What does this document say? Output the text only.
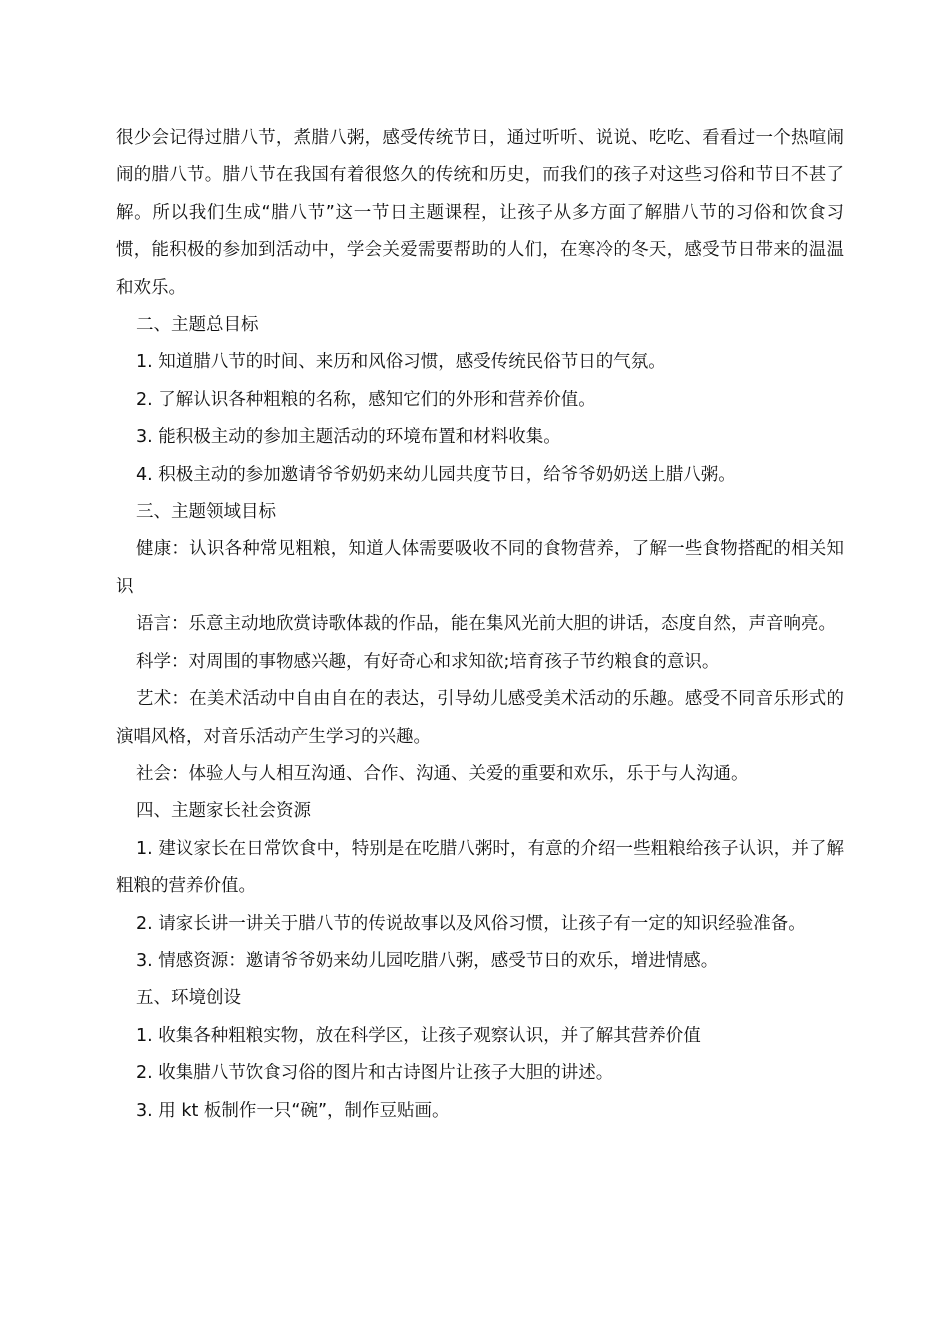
很少会记得过腊八节，煮腊八粥，感受传统节日，通过听听、说说、吃吃、看看过一个热喧闹闹的腊八节。腊八节在我国有着很悠久的传统和历史，而我们的孩子对这些习俗和节日不甚了解。所以我们生成“腊八节”这一节日主题课程，让孩子从多方面了解腊八节的习俗和饮食习惯，能积极的参加到活动中，学会关爱需要帮助的人们，在寒冷的冬天，感受节日带来的温温和欢乐。

二、主题总目标

1. 知道腊八节的时间、来历和风俗习惯，感受传统民俗节日的气氛。

2. 了解认识各种粗粮的名称，感知它们的外形和营养价值。

3. 能积极主动的参加主题活动的环境布置和材料收集。

4. 积极主动的参加邀请爷爷奶奶来幼儿园共度节日，给爷爷奶奶送上腊八粥。

三、主题领域目标

健康：认识各种常见粗粮，知道人体需要吸收不同的食物营养，了解一些食物搭配的相关知识

语言：乐意主动地欣赏诗歌体裁的作品，能在集风光前大胆的讲话，态度自然，声音响亮。

科学：对周围的事物感兴趣，有好奇心和求知欲;培育孩子节约粮食的意识。

艺术：在美术活动中自由自在的表达，引导幼儿感受美术活动的乐趣。感受不同音乐形式的演唱风格，对音乐活动产生学习的兴趣。

社会：体验人与人相互沟通、合作、沟通、关爱的重要和欢乐，乐于与人沟通。

四、主题家长社会资源

1. 建议家长在日常饮食中，特别是在吃腊八粥时，有意的介绍一些粗粮给孩子认识，并了解粗粮的营养价值。

2. 请家长讲一讲关于腊八节的传说故事以及风俗习惯，让孩子有一定的知识经验准备。

3. 情感资源：邀请爷爷奶来幼儿园吃腊八粥，感受节日的欢乐，增进情感。

五、环境创设

1. 收集各种粗粮实物，放在科学区，让孩子观察认识，并了解其营养价值

2. 收集腊八节饮食习俗的图片和古诗图片让孩子大胆的讲述。

3. 用 kt 板制作一只“碗”，制作豆贴画。
